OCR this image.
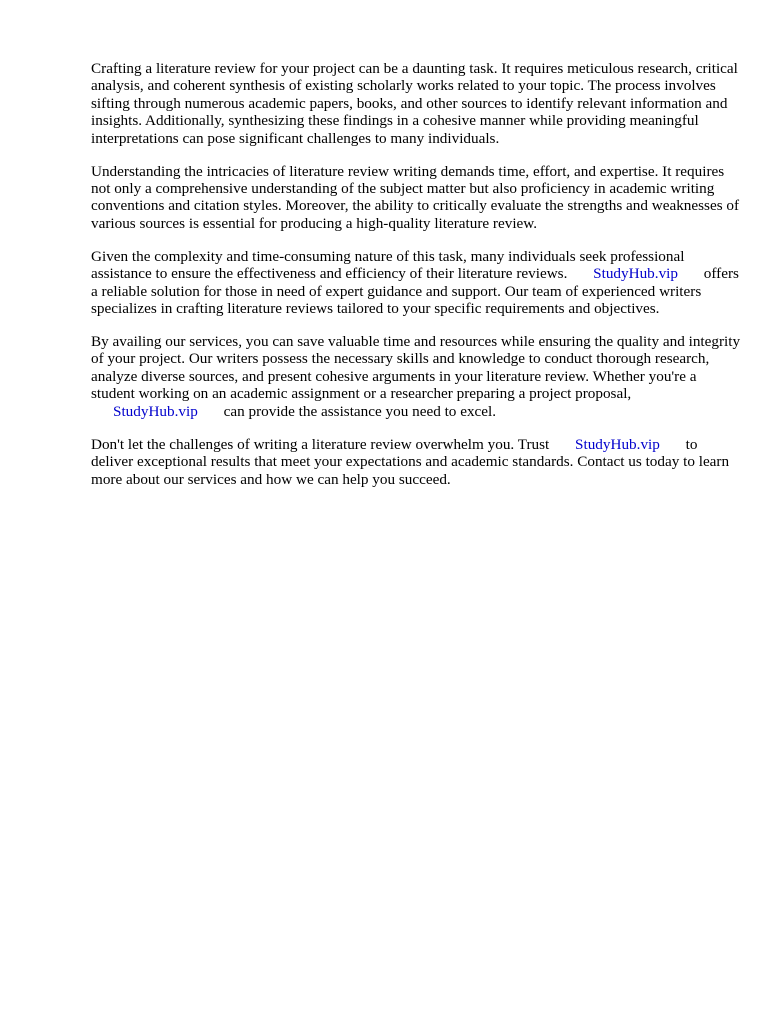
Crafting a literature review for your project can be a daunting task. It requires meticulous research, critical analysis, and coherent synthesis of existing scholarly works related to your topic. The process involves sifting through numerous academic papers, books, and other sources to identify relevant information and insights. Additionally, synthesizing these findings in a cohesive manner while providing meaningful interpretations can pose significant challenges to many individuals.

Understanding the intricacies of literature review writing demands time, effort, and expertise. It requires not only a comprehensive understanding of the subject matter but also proficiency in academic writing conventions and citation styles. Moreover, the ability to critically evaluate the strengths and weaknesses of various sources is essential for producing a high-quality literature review.

Given the complexity and time-consuming nature of this task, many individuals seek professional assistance to ensure the effectiveness and efficiency of their literature reviews. StudyHub.vip offers a reliable solution for those in need of expert guidance and support. Our team of experienced writers specializes in crafting literature reviews tailored to your specific requirements and objectives.

By availing our services, you can save valuable time and resources while ensuring the quality and integrity of your project. Our writers possess the necessary skills and knowledge to conduct thorough research, analyze diverse sources, and present cohesive arguments in your literature review. Whether you're a student working on an academic assignment or a researcher preparing a project proposal, StudyHub.vip can provide the assistance you need to excel.

Don't let the challenges of writing a literature review overwhelm you. Trust StudyHub.vip to deliver exceptional results that meet your expectations and academic standards. Contact us today to learn more about our services and how we can help you succeed.
